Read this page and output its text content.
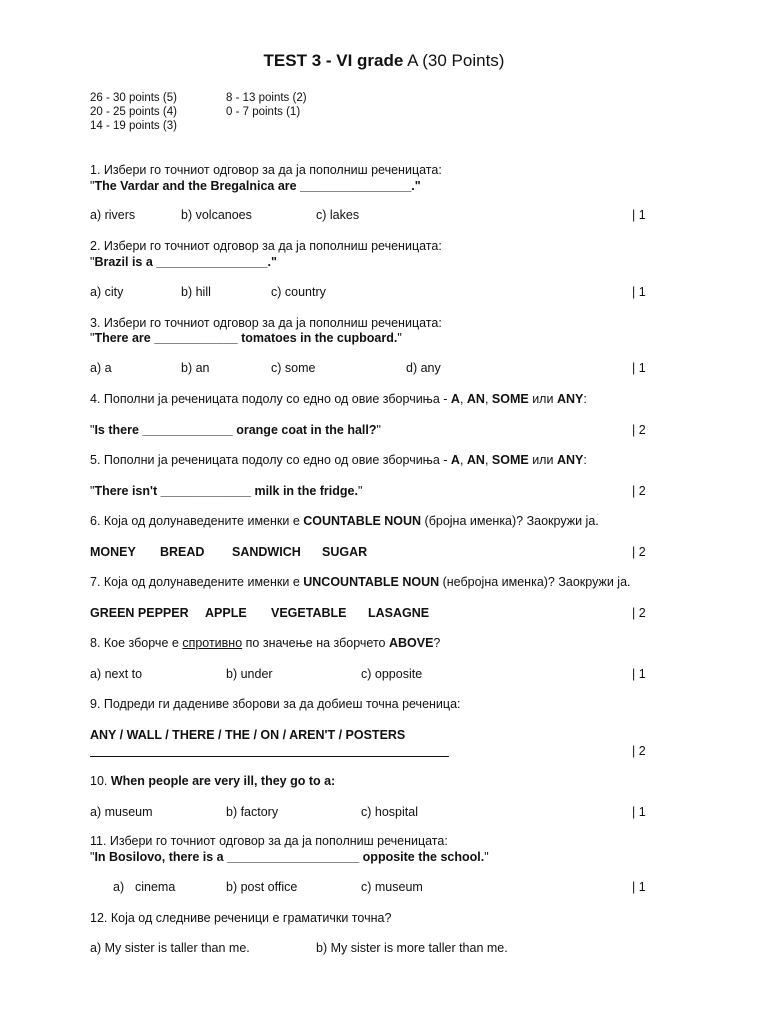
TEST 3 - VI grade A (30 Points)
26 - 30 points (5)
20 - 25 points (4)
14 - 19 points (3)
8 - 13 points (2)
0 - 7 points (1)
1. Избери го точниот одговор за да ја пополниш реченицата:
"The Vardar and the Bregalnica are ________________."
a) rivers	b) volcanoes	c) lakes	| 1
2. Избери го точниот одговор за да ја пополниш реченицата:
"Brazil is a ________________."
a) city	b) hill	c) country	| 1
3. Избери го точниот одговор за да ја пополниш реченицата:
"There are ____________ tomatoes in the cupboard."
a) a	b) an	c) some	d) any	| 1
4. Пополни ја реченицата подолу со едно од овие зборчиња - A, AN, SOME или ANY:
"Is there _____________ orange coat in the hall?"	| 2
5. Пополни ја реченицата подолу со едно од овие зборчиња - A, AN, SOME или ANY:
"There isn't _____________ milk in the fridge."	| 2
6. Која од долунаведените именки е COUNTABLE NOUN (бројна именка)? Заокружи ја.
MONEY BREAD SANDWICH SUGAR	| 2
7. Која од долунаведените именки е UNCOUNTABLE NOUN (небројна именка)? Заокружи ја.
GREEN PEPPER APPLE VEGETABLE LASAGNE	| 2
8. Кое зборче е спротивно по значење на зборчето ABOVE?
a) next to	b) under	c) opposite	| 1
9. Подреди ги дадениве зборови за да добиеш точна реченица:
ANY / WALL / THERE / THE / ON / AREN'T / POSTERS
| 2
10. When people are very ill, they go to a:
a) museum	b) factory	c) hospital	| 1
11. Избери го точниот одговор за да ја пополниш реченицата:
"In Bosilovo, there is a ___________________ opposite the school."
a) cinema	b) post office	c) museum	| 1
12. Која од следниве реченици е граматички точна?
a) My sister is taller than me.	b) My sister is more taller than me.
